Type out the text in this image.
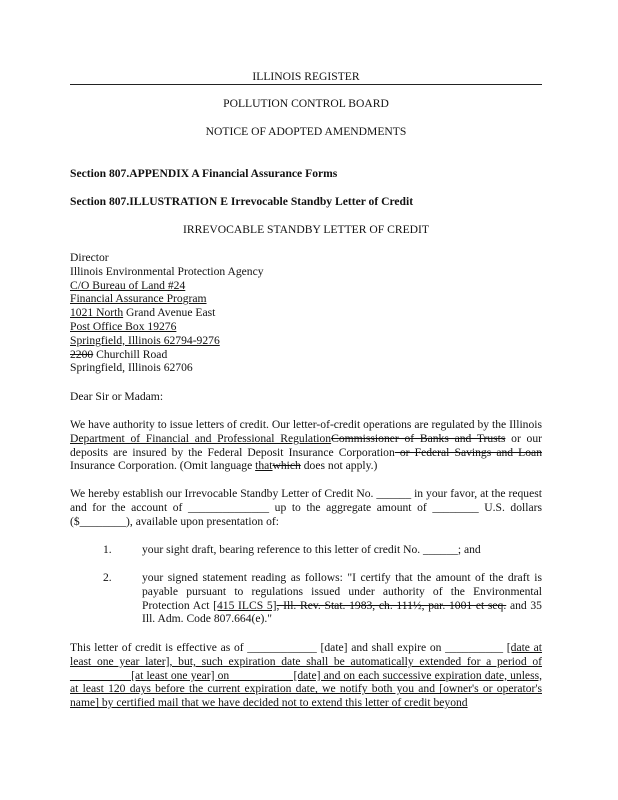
ILLINOIS REGISTER
POLLUTION CONTROL BOARD
NOTICE OF ADOPTED AMENDMENTS
Section 807.APPENDIX A Financial Assurance Forms
Section 807.ILLUSTRATION E Irrevocable Standby Letter of Credit
IRREVOCABLE STANDBY LETTER OF CREDIT
Director
Illinois Environmental Protection Agency
C/O Bureau of Land #24
Financial Assurance Program
1021 North Grand Avenue East
Post Office Box 19276
Springfield, Illinois 62794-9276
2200 Churchill Road
Springfield, Illinois 62706
Dear Sir or Madam:
We have authority to issue letters of credit. Our letter-of-credit operations are regulated by the Illinois Department of Financial and Professional RegulationCommissioner of Banks and Trusts or our deposits are insured by the Federal Deposit Insurance Corporation or Federal Savings and Loan Insurance Corporation. (Omit language thatwhich does not apply.)
We hereby establish our Irrevocable Standby Letter of Credit No. ______ in your favor, at the request and for the account of ______________ up to the aggregate amount of ________ U.S. dollars ($________), available upon presentation of:
1.	your sight draft, bearing reference to this letter of credit No. ______; and
2.	your signed statement reading as follows: "I certify that the amount of the draft is payable pursuant to regulations issued under authority of the Environmental Protection Act [415 ILCS 5], Ill. Rev. Stat. 1983, ch. 111½, par. 1001 et seq. and 35 Ill. Adm. Code 807.664(e)."
This letter of credit is effective as of ____________ [date] and shall expire on __________ [date at least one year later], but, such expiration date shall be automatically extended for a period of __________ [at least one year] on __________ [date] and on each successive expiration date, unless, at least 120 days before the current expiration date, we notify both you and [owner's or operator's name] by certified mail that we have decided not to extend this letter of credit beyond
